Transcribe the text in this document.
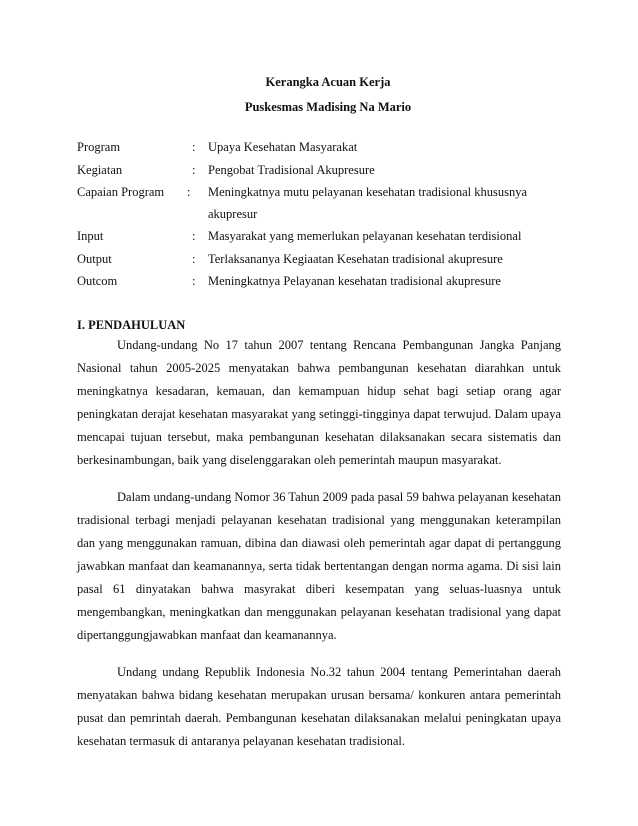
Kerangka Acuan Kerja
Puskesmas Madising Na Mario
Program	: Upaya Kesehatan Masyarakat
Kegiatan	: Pengobat Tradisional Akupresure
Capaian Program : Meningkatnya mutu pelayanan kesehatan tradisional khususnya akupresur
Input	: Masyarakat yang memerlukan pelayanan kesehatan terdisional
Output	: Terlaksananya Kegiaatan Kesehatan tradisional akupresure
Outcom	: Meningkatnya Pelayanan kesehatan tradisional akupresure
I. PENDAHULUAN

Undang-undang No 17 tahun 2007 tentang Rencana Pembangunan Jangka Panjang Nasional tahun 2005-2025 menyatakan bahwa pembangunan kesehatan diarahkan untuk meningkatnya kesadaran, kemauan, dan kemampuan hidup sehat bagi setiap orang agar peningkatan derajat kesehatan masyarakat yang setinggi-tingginya dapat terwujud. Dalam upaya mencapai tujuan tersebut, maka pembangunan kesehatan dilaksanakan secara sistematis dan berkesinambungan, baik yang diselenggarakan oleh pemerintah maupun masyarakat.

Dalam undang-undang Nomor 36 Tahun 2009 pada pasal 59 bahwa pelayanan kesehatan tradisional terbagi menjadi pelayanan kesehatan tradisional yang menggunakan keterampilan dan yang menggunakan ramuan, dibina dan diawasi oleh pemerintah agar dapat di pertanggung jawabkan manfaat dan keamanannya, serta tidak bertentangan dengan norma agama. Di sisi lain pasal 61 dinyatakan bahwa masyrakat diberi kesempatan yang seluas-luasnya untuk mengembangkan, meningkatkan dan menggunakan pelayanan kesehatan tradisional yang dapat dipertanggungjawabkan manfaat dan keamanannya.

Undang undang Republik Indonesia No.32 tahun 2004 tentang Pemerintahan daerah menyatakan bahwa bidang kesehatan merupakan urusan bersama/ konkuren antara pemerintah pusat dan pemrintah daerah. Pembangunan kesehatan dilaksanakan melalui peningkatan upaya kesehatan termasuk di antaranya pelayanan kesehatan tradisional.
